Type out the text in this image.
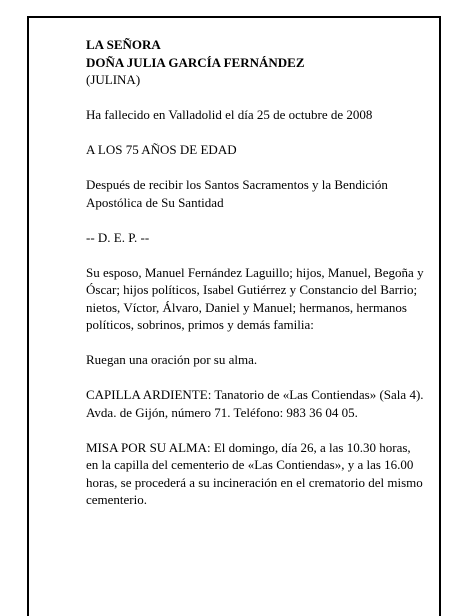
LA SEÑORA
DOÑA JULIA GARCÍA FERNÁNDEZ
(JULINA)

Ha fallecido en Valladolid el día 25 de octubre de 2008

A LOS 75 AÑOS DE EDAD

Después de recibir los Santos Sacramentos y la Bendición Apostólica de Su Santidad

-- D. E. P. --

Su esposo, Manuel Fernández Laguillo; hijos, Manuel, Begoña y Óscar; hijos políticos, Isabel Gutiérrez y Constancio del Barrio; nietos, Víctor, Álvaro, Daniel y Manuel; hermanos, hermanos políticos, sobrinos, primos y demás familia:

Ruegan una oración por su alma.

CAPILLA ARDIENTE: Tanatorio de «Las Contiendas» (Sala 4). Avda. de Gijón, número 71. Teléfono: 983 36 04 05.

MISA POR SU ALMA: El domingo, día 26, a las 10.30 horas, en la capilla del cementerio de «Las Contiendas», y a las 16.00 horas, se procederá a su incineración en el crematorio del mismo cementerio.
